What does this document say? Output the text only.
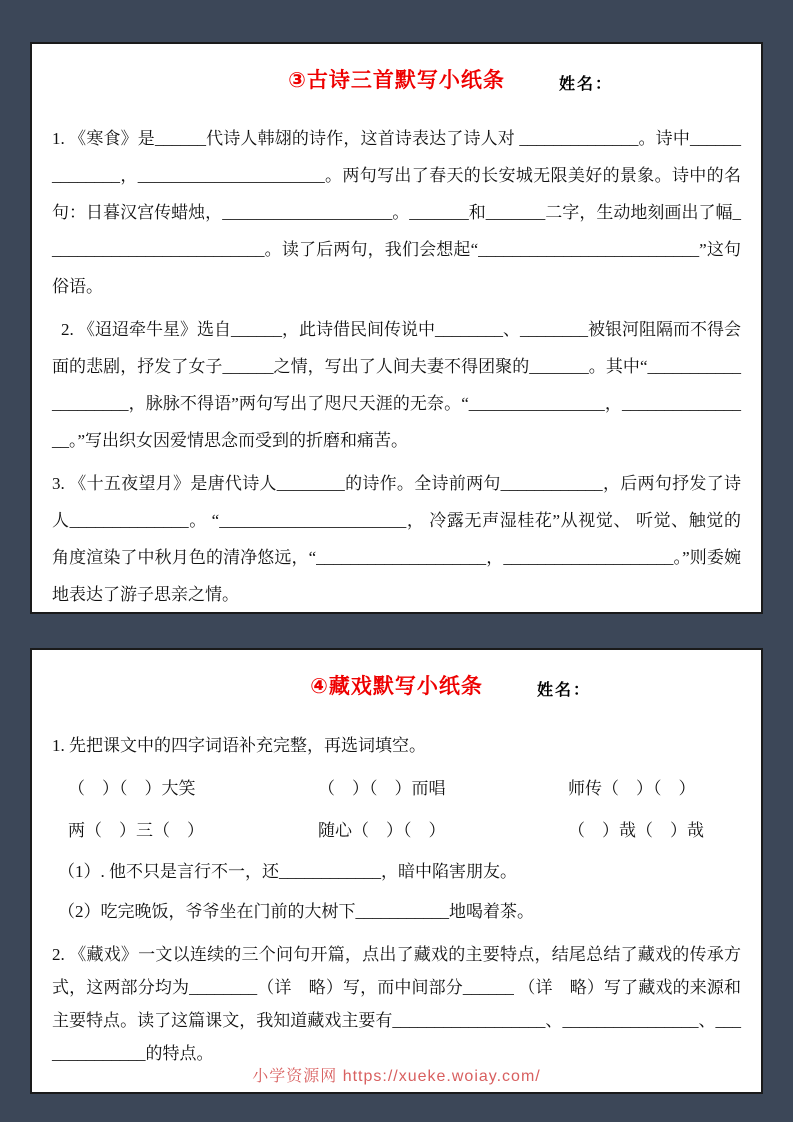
③古诗三首默写小纸条	姓名：

1. 《寒食》是______代诗人韩翃的诗作，这首诗表达了诗人对 ______________。诗中______________，______________________。两句写出了春天的长安城无限美好的景象。诗中的名句：日暮汉宫传蜡烛，____________________。_______和_______二字，生动地刻画出了幅__________________________。读了后两句，我们会想起“__________________________”这句俗语。

2. 《迢迢牵牛星》选自______，此诗借民间传说中________、________被银河阻隔而不得会面的悲剧，抒发了女子______之情，写出了人间夫妻不得团聚的_______。其中“____________________，脉脉不得语”两句写出了咫尺天涯的无奈。“________________，________________。”写出织女因爱情思念而受到的折磨和痛苦。

3. 《十五夜望月》是唐代诗人________的诗作。全诗前两句____________，后两句抒发了诗人______________。 “______________________， 冷露无声湿桂花”从视觉、 听觉、触觉的角度渲染了中秋月色的清净悠远，“____________________，____________________。”则委婉地表达了游子思亲之情。

④藏戏默写小纸条	姓名：

1. 先把课文中的四字词语补充完整，再选词填空。

（　）（　）大笑	（　）（　）而唱	师传（　）（　）
两（　）三（　）	随心（　）（　）	（　）哉（　）哉

（1）. 他不只是言行不一，还____________，暗中陷害朋友。

（2）吃完晚饭，爷爷坐在门前的大树下___________地喝着茶。

2. 《藏戏》一文以连续的三个问句开篇，点出了藏戏的主要特点，结尾总结了藏戏的传承方式，这两部分均为________（详　略）写，而中间部分______ （详　略）写了藏戏的来源和主要特点。读了这篇课文，我知道藏戏主要有__________________、________________、______________的特点。

小学资源网 https://xueke.woiay.com/
